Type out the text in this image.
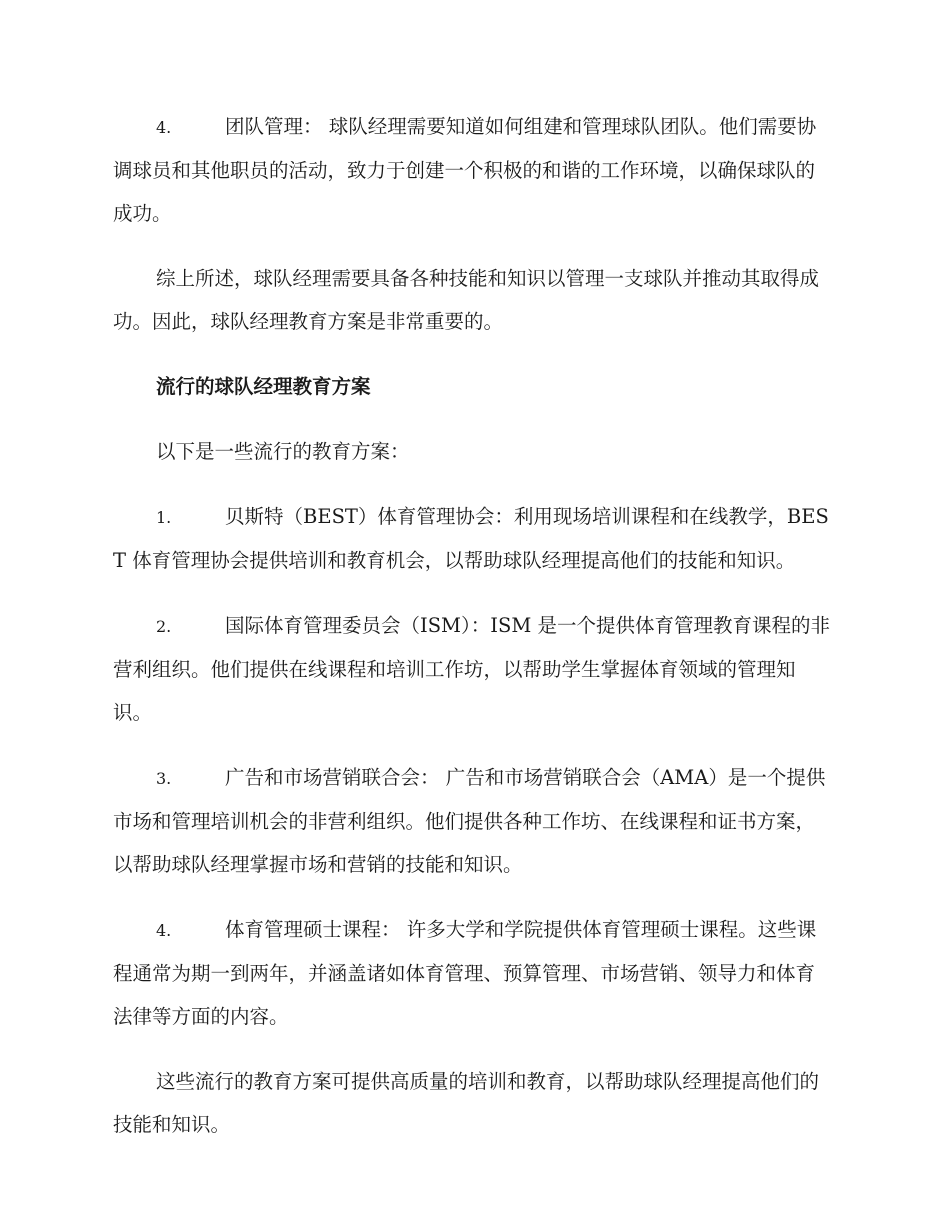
4.	团队管理： 球队经理需要知道如何组建和管理球队团队。他们需要协调球员和其他职员的活动，致力于创建一个积极的和谐的工作环境，以确保球队的成功。

综上所述，球队经理需要具备各种技能和知识以管理一支球队并推动其取得成功。因此，球队经理教育方案是非常重要的。

流行的球队经理教育方案

以下是一些流行的教育方案：

1.	贝斯特（BEST）体育管理协会：利用现场培训课程和在线教学，BEST 体育管理协会提供培训和教育机会，以帮助球队经理提高他们的技能和知识。

2.	国际体育管理委员会（ISM）：ISM 是一个提供体育管理教育课程的非营利组织。他们提供在线课程和培训工作坊，以帮助学生掌握体育领域的管理知识。

3.	广告和市场营销联合会： 广告和市场营销联合会（AMA）是一个提供市场和管理培训机会的非营利组织。他们提供各种工作坊、在线课程和证书方案，以帮助球队经理掌握市场和营销的技能和知识。

4.	体育管理硕士课程： 许多大学和学院提供体育管理硕士课程。这些课程通常为期一到两年，并涵盖诸如体育管理、预算管理、市场营销、领导力和体育法律等方面的内容。

这些流行的教育方案可提供高质量的培训和教育，以帮助球队经理提高他们的技能和知识。
